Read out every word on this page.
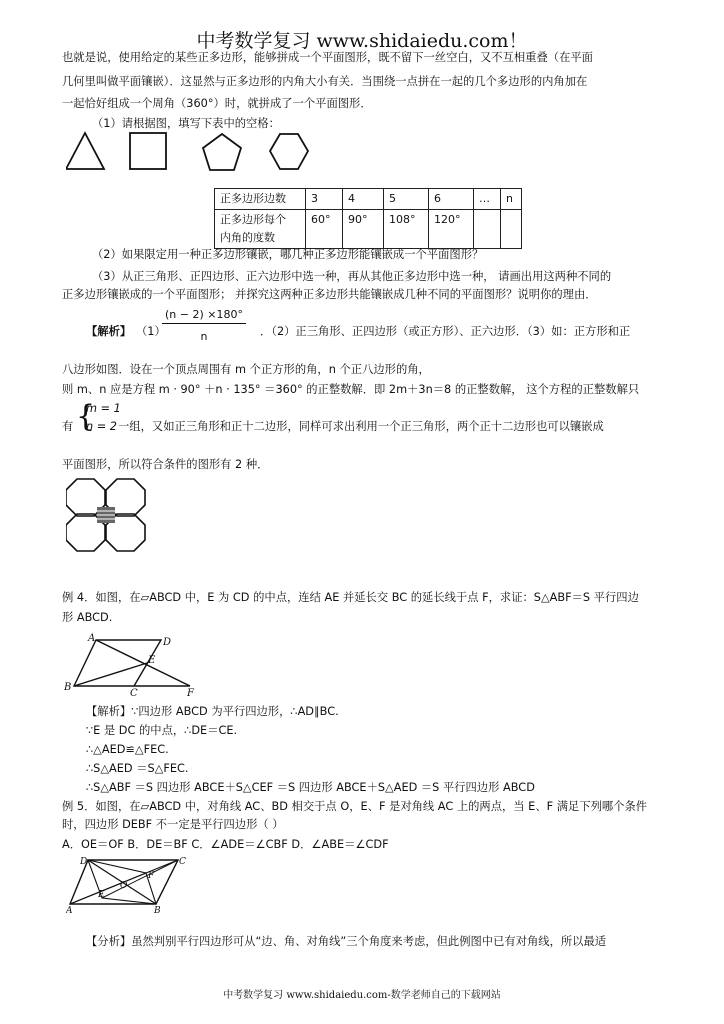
中考数学复习 www.shidaiedu.com！
也就是说，使用给定的某些正多边形，能够拼成一个平面图形，既不留下一丝空白，又不互相重叠（在平面
几何里叫做平面镶嵌）．这显然与正多边形的内角大小有关．当围绕一点拼在一起的几个多边形的内角加在
一起恰好组成一个周角（360°）时，就拼成了一个平面图形．
（1）请根据图，填写下表中的空格：
正多边形边数	3	4	5	6	…	n

正多边形每个
内角的度数	60°	90°	108°	120°		
（2）如果限定用一种正多边形镶嵌，哪几种正多边形能镶嵌成一个平面图形？
（3）从正三角形、正四边形、正六边形中选一种，再从其他正多边形中选一种， 请画出用这两种不同的
正多边形镶嵌成的一个平面图形； 并探究这两种正多边形共能镶嵌成几种不同的平面图形？说明你的理由．
【解析】 （1）
$\frac{(n - 2) \times 180^\circ}{n}$ ．（2）正三角形、正四边形（或正方形）、正六边形．（3）如：正方形和正
八边形如图．设在一个顶点周围有 m 个正方形的角，n 个正八边形的角，
则 m、n 应是方程 m · 90° ＋n · 135° ＝360° 的正整数解．即 2m＋3n＝8 的正整数解， 这个方程的正整数解只
有 {
m = 1
n = 2 一组，又如正三角形和正十二边形，同样可求出利用一个正三角形，两个正十二边形也可以镶嵌成
平面图形，所以符合条件的图形有 2 种．
例 4．如图，在▱ABCD 中，E 为 CD 的中点，连结 AE 并延长交 BC 的延长线于点 F，求证：S△ABF＝S 平行四边
形 ABCD.
A	D
E
B
C	F
【解析】∵四边形 ABCD 为平行四边形，∴AD∥BC.
∵E 是 DC 的中点，∴DE＝CE.
∴△AED≌△FEC.
∴S△AED ＝S△FEC.
∴S△ABF ＝S 四边形 ABCE＋S△CEF ＝S 四边形 ABCE＋S△AED ＝S 平行四边形 ABCD
例 5．如图，在▱ABCD 中，对角线 AC、BD 相交于点 O，E、F 是对角线 AC 上的两点，当 E、F 满足下列哪个条件
时，四边形 DEBF 不一定是平行四边形（ ）
A．OE＝OF B．DE＝BF C．∠ADE＝∠CBF D．∠ABE＝∠CDF
D	C
F
O
E
A	B
【分析】虽然判别平行四边形可从“边、角、对角线”三个角度来考虑，但此例图中已有对角线，所以最适
中考数学复习 www.shidaiedu.com-数学老师自己的下载网站
